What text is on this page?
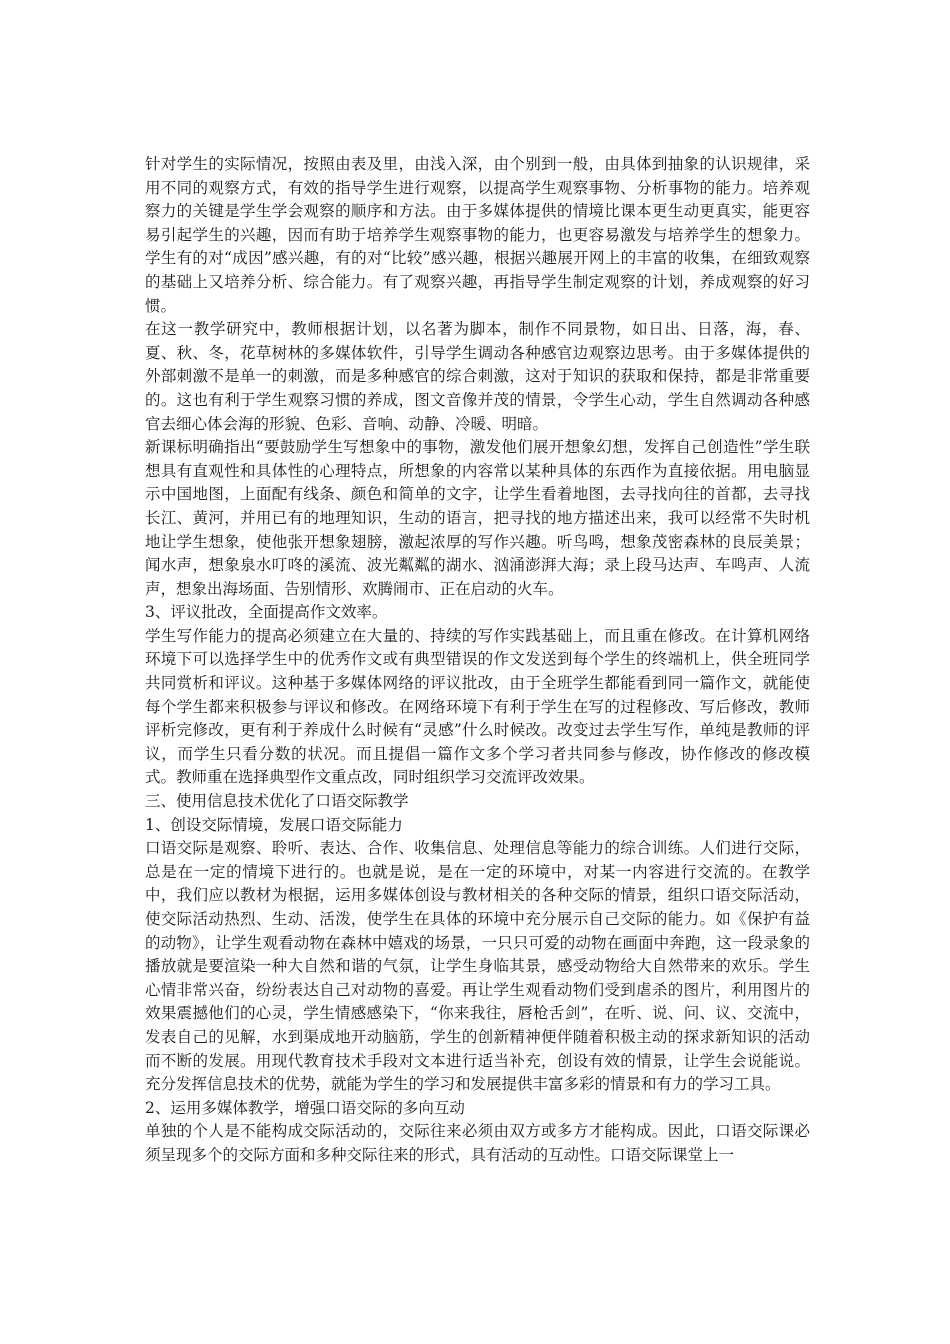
针对学生的实际情况，按照由表及里，由浅入深，由个别到一般，由具体到抽象的认识规律，采用不同的观察方式，有效的指导学生进行观察，以提高学生观察事物、分析事物的能力。培养观察力的关键是学生学会观察的顺序和方法。由于多媒体提供的情境比课本更生动更真实，能更容易引起学生的兴趣，因而有助于培养学生观察事物的能力，也更容易激发与培养学生的想象力。学生有的对“成因”感兴趣，有的对“比较”感兴趣，根据兴趣展开网上的丰富的收集，在细致观察的基础上又培养分析、综合能力。有了观察兴趣，再指导学生制定观察的计划，养成观察的好习惯。

在这一教学研究中，教师根据计划，以名著为脚本，制作不同景物，如日出、日落，海，春、夏、秋、冬，花草树林的多媒体软件，引导学生调动各种感官边观察边思考。由于多媒体提供的外部刺激不是单一的刺激，而是多种感官的综合刺激，这对于知识的获取和保持，都是非常重要的。这也有利于学生观察习惯的养成，图文音像并茂的情景，令学生心动，学生自然调动各种感官去细心体会海的形貌、色彩、音响、动静、冷暖、明暗。

新课标明确指出“要鼓励学生写想象中的事物，激发他们展开想象幻想，发挥自己创造性”学生联想具有直观性和具体性的心理特点，所想象的内容常以某种具体的东西作为直接依据。用电脑显示中国地图，上面配有线条、颜色和简单的文字，让学生看着地图，去寻找向往的首都，去寻找长江、黄河，并用已有的地理知识，生动的语言，把寻找的地方描述出来，我可以经常不失时机地让学生想象，使他张开想象翅膀，激起浓厚的写作兴趣。听鸟鸣，想象茂密森林的良辰美景；闻水声，想象泉水叮咚的溪流、波光粼粼的湖水、汹涌澎湃大海；录上段马达声、车鸣声、人流声，想象出海场面、告别情形、欢腾闹市、正在启动的火车。

3、评议批改，全面提高作文效率。

学生写作能力的提高必须建立在大量的、持续的写作实践基础上，而且重在修改。在计算机网络环境下可以选择学生中的优秀作文或有典型错误的作文发送到每个学生的终端机上，供全班同学共同赏析和评议。这种基于多媒体网络的评议批改，由于全班学生都能看到同一篇作文，就能使每个学生都来积极参与评议和修改。在网络环境下有利于学生在写的过程修改、写后修改，教师评析完修改，更有利于养成什么时候有“灵感”什么时候改。改变过去学生写作，单纯是教师的评议，而学生只看分数的状况。而且提倡一篇作文多个学习者共同参与修改，协作修改的修改模式。教师重在选择典型作文重点改，同时组织学习交流评改效果。

三、使用信息技术优化了口语交际教学

1、创设交际情境，发展口语交际能力

口语交际是观察、聆听、表达、合作、收集信息、处理信息等能力的综合训练。人们进行交际，总是在一定的情境下进行的。也就是说，是在一定的环境中，对某一内容进行交流的。在教学中，我们应以教材为根据，运用多媒体创设与教材相关的各种交际的情景，组织口语交际活动，使交际活动热烈、生动、活泼，使学生在具体的环境中充分展示自己交际的能力。如《保护有益的动物》，让学生观看动物在森林中嬉戏的场景，一只只可爱的动物在画面中奔跑，这一段录象的播放就是要渲染一种大自然和谐的气氛，让学生身临其景，感受动物给大自然带来的欢乐。学生心情非常兴奋，纷纷表达自己对动物的喜爱。再让学生观看动物们受到虐杀的图片，利用图片的效果震撼他们的心灵，学生情感感染下，“你来我往，唇枪舌剑”，在听、说、问、议、交流中，发表自己的见解，水到渠成地开动脑筋，学生的创新精神便伴随着积极主动的探求新知识的活动而不断的发展。用现代教育技术手段对文本进行适当补充，创设有效的情景，让学生会说能说。充分发挥信息技术的优势，就能为学生的学习和发展提供丰富多彩的情景和有力的学习工具。

2、运用多媒体教学，增强口语交际的多向互动

单独的个人是不能构成交际活动的，交际往来必须由双方或多方才能构成。因此，口语交际课必须呈现多个的交际方面和多种交际往来的形式，具有活动的互动性。口语交际课堂上一
